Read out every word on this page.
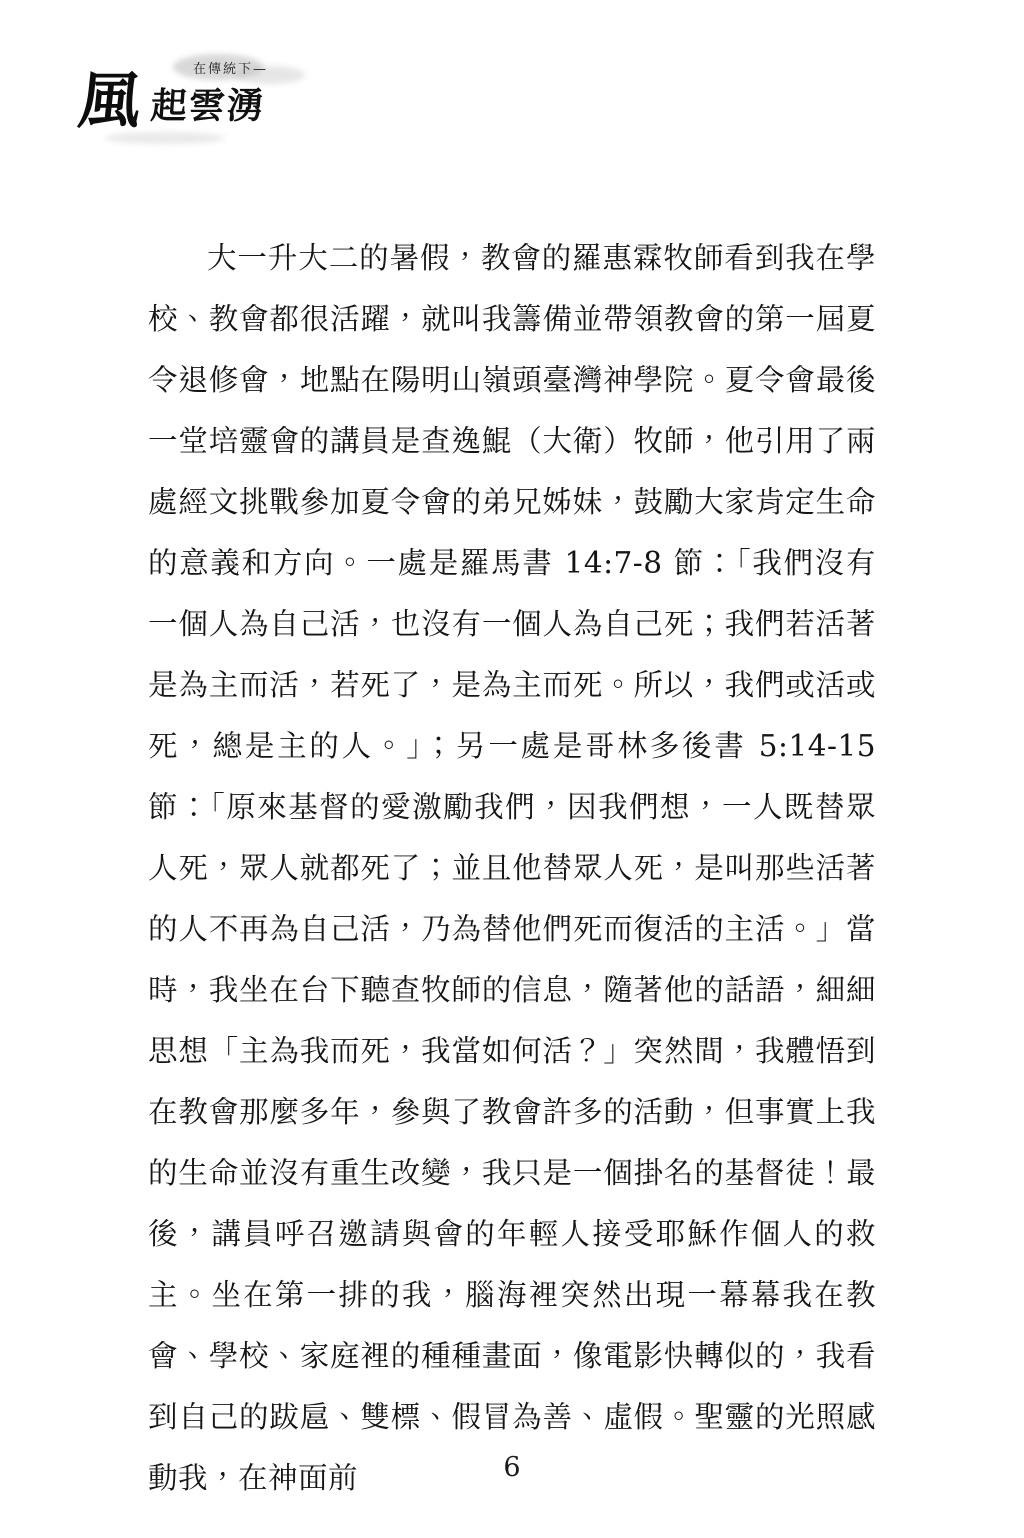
在傳統下—
風 起雲湧

大一升大二的暑假，教會的羅惠霖牧師看到我在學校、教會都很活躍，就叫我籌備並帶領教會的第一屆夏令退修會，地點在陽明山嶺頭臺灣神學院。夏令會最後一堂培靈會的講員是查逸鯤（大衛）牧師，他引用了兩處經文挑戰參加夏令會的弟兄姊妹，鼓勵大家肯定生命的意義和方向。一處是羅馬書 14:7-8 節：「我們沒有一個人為自己活，也沒有一個人為自己死；我們若活著是為主而活，若死了，是為主而死。所以，我們或活或死，總是主的人。」；另一處是哥林多後書 5:14-15 節：「原來基督的愛激勵我們，因我們想，一人既替眾人死，眾人就都死了；並且他替眾人死，是叫那些活著的人不再為自己活，乃為替他們死而復活的主活。」當時，我坐在台下聽查牧師的信息，隨著他的話語，細細思想「主為我而死，我當如何活？」突然間，我體悟到在教會那麼多年，參與了教會許多的活動，但事實上我的生命並沒有重生改變，我只是一個掛名的基督徒！最後，講員呼召邀請與會的年輕人接受耶穌作個人的救主。坐在第一排的我，腦海裡突然出現一幕幕我在教會、學校、家庭裡的種種畫面，像電影快轉似的，我看到自己的跋扈、雙標、假冒為善、虛假。聖靈的光照感動我，在神面前	6
